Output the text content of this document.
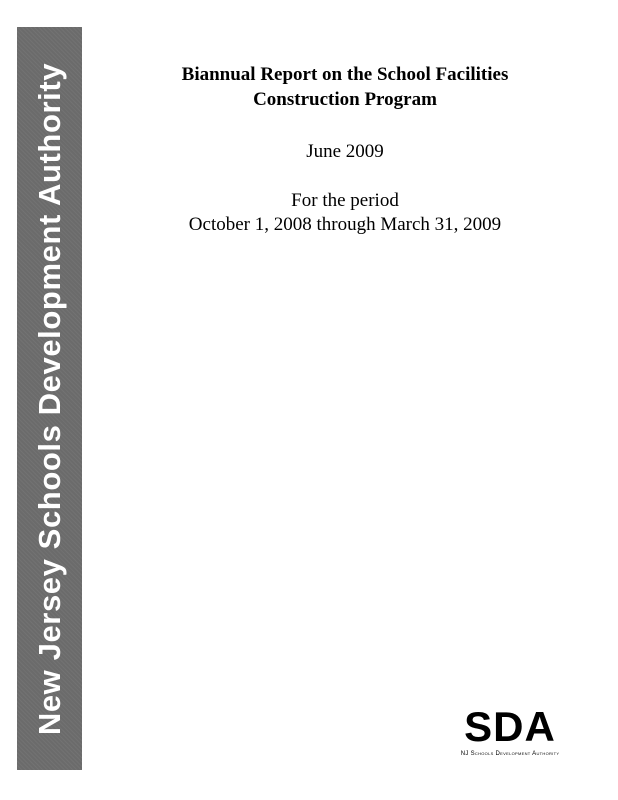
New Jersey Schools Development Authority	Biannual Report on the School Facilities
Construction Program

June 2009

For the period
October 1, 2008 through March 31, 2009

SDA
NJ Schools Development Authority
